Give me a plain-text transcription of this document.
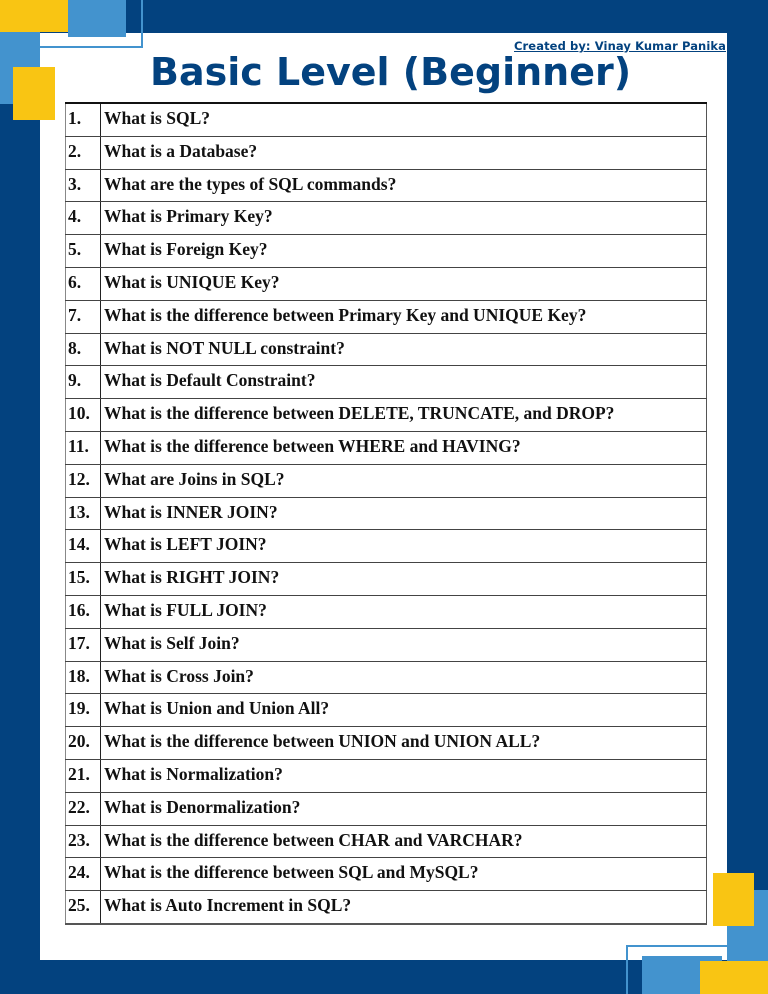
Created by: Vinay Kumar Panika
Basic Level (Beginner)
1.	What is SQL?
2.	What is a Database?
3.	What are the types of SQL commands?
4.	What is Primary Key?
5.	What is Foreign Key?
6.	What is UNIQUE Key?
7.	What is the difference between Primary Key and UNIQUE Key?
8.	What is NOT NULL constraint?
9.	What is Default Constraint?
10.	What is the difference between DELETE, TRUNCATE, and DROP?
11.	What is the difference between WHERE and HAVING?
12.	What are Joins in SQL?
13.	What is INNER JOIN?
14.	What is LEFT JOIN?
15.	What is RIGHT JOIN?
16.	What is FULL JOIN?
17.	What is Self Join?
18.	What is Cross Join?
19.	What is Union and Union All?
20.	What is the difference between UNION and UNION ALL?
21.	What is Normalization?
22.	What is Denormalization?
23.	What is the difference between CHAR and VARCHAR?
24.	What is the difference between SQL and MySQL?
25.	What is Auto Increment in SQL?
